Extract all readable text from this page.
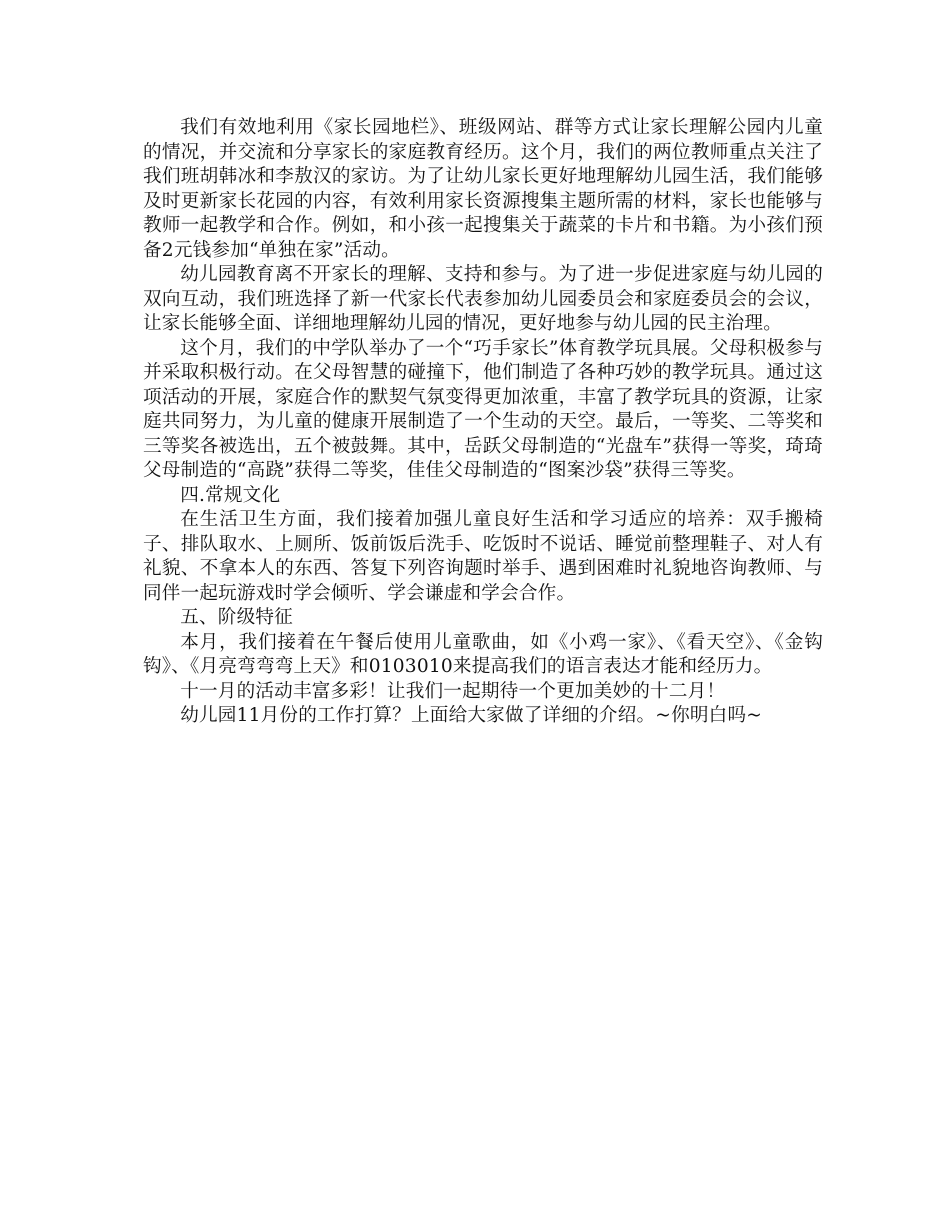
我们有效地利用《家长园地栏》、班级网站、群等方式让家长理解公园内儿童的情况，并交流和分享家长的家庭教育经历。这个月，我们的两位教师重点关注了我们班胡韩冰和李敖汉的家访。为了让幼儿家长更好地理解幼儿园生活，我们能够及时更新家长花园的内容，有效利用家长资源搜集主题所需的材料，家长也能够与教师一起教学和合作。例如，和小孩一起搜集关于蔬菜的卡片和书籍。为小孩们预备2元钱参加“单独在家”活动。

幼儿园教育离不开家长的理解、支持和参与。为了进一步促进家庭与幼儿园的双向互动，我们班选择了新一代家长代表参加幼儿园委员会和家庭委员会的会议，让家长能够全面、详细地理解幼儿园的情况，更好地参与幼儿园的民主治理。

这个月，我们的中学队举办了一个“巧手家长”体育教学玩具展。父母积极参与并采取积极行动。在父母智慧的碰撞下，他们制造了各种巧妙的教学玩具。通过这项活动的开展，家庭合作的默契气氛变得更加浓重，丰富了教学玩具的资源，让家庭共同努力，为儿童的健康开展制造了一个生动的天空。最后，一等奖、二等奖和三等奖各被选出，五个被鼓舞。其中，岳跃父母制造的“光盘车”获得一等奖，琦琦父母制造的“高跷”获得二等奖，佳佳父母制造的“图案沙袋”获得三等奖。

四.常规文化

在生活卫生方面，我们接着加强儿童良好生活和学习适应的培养：双手搬椅子、排队取水、上厕所、饭前饭后洗手、吃饭时不说话、睡觉前整理鞋子、对人有礼貌、不拿本人的东西、答复下列咨询题时举手、遇到困难时礼貌地咨询教师、与同伴一起玩游戏时学会倾听、学会谦虚和学会合作。

五、阶级特征

本月，我们接着在午餐后使用儿童歌曲，如《小鸡一家》、《看天空》、《金钩钩》、《月亮弯弯弯上天》和0103010来提高我们的语言表达才能和经历力。

十一月的活动丰富多彩！让我们一起期待一个更加美妙的十二月！

幼儿园11月份的工作打算？上面给大家做了详细的介绍。~你明白吗~
